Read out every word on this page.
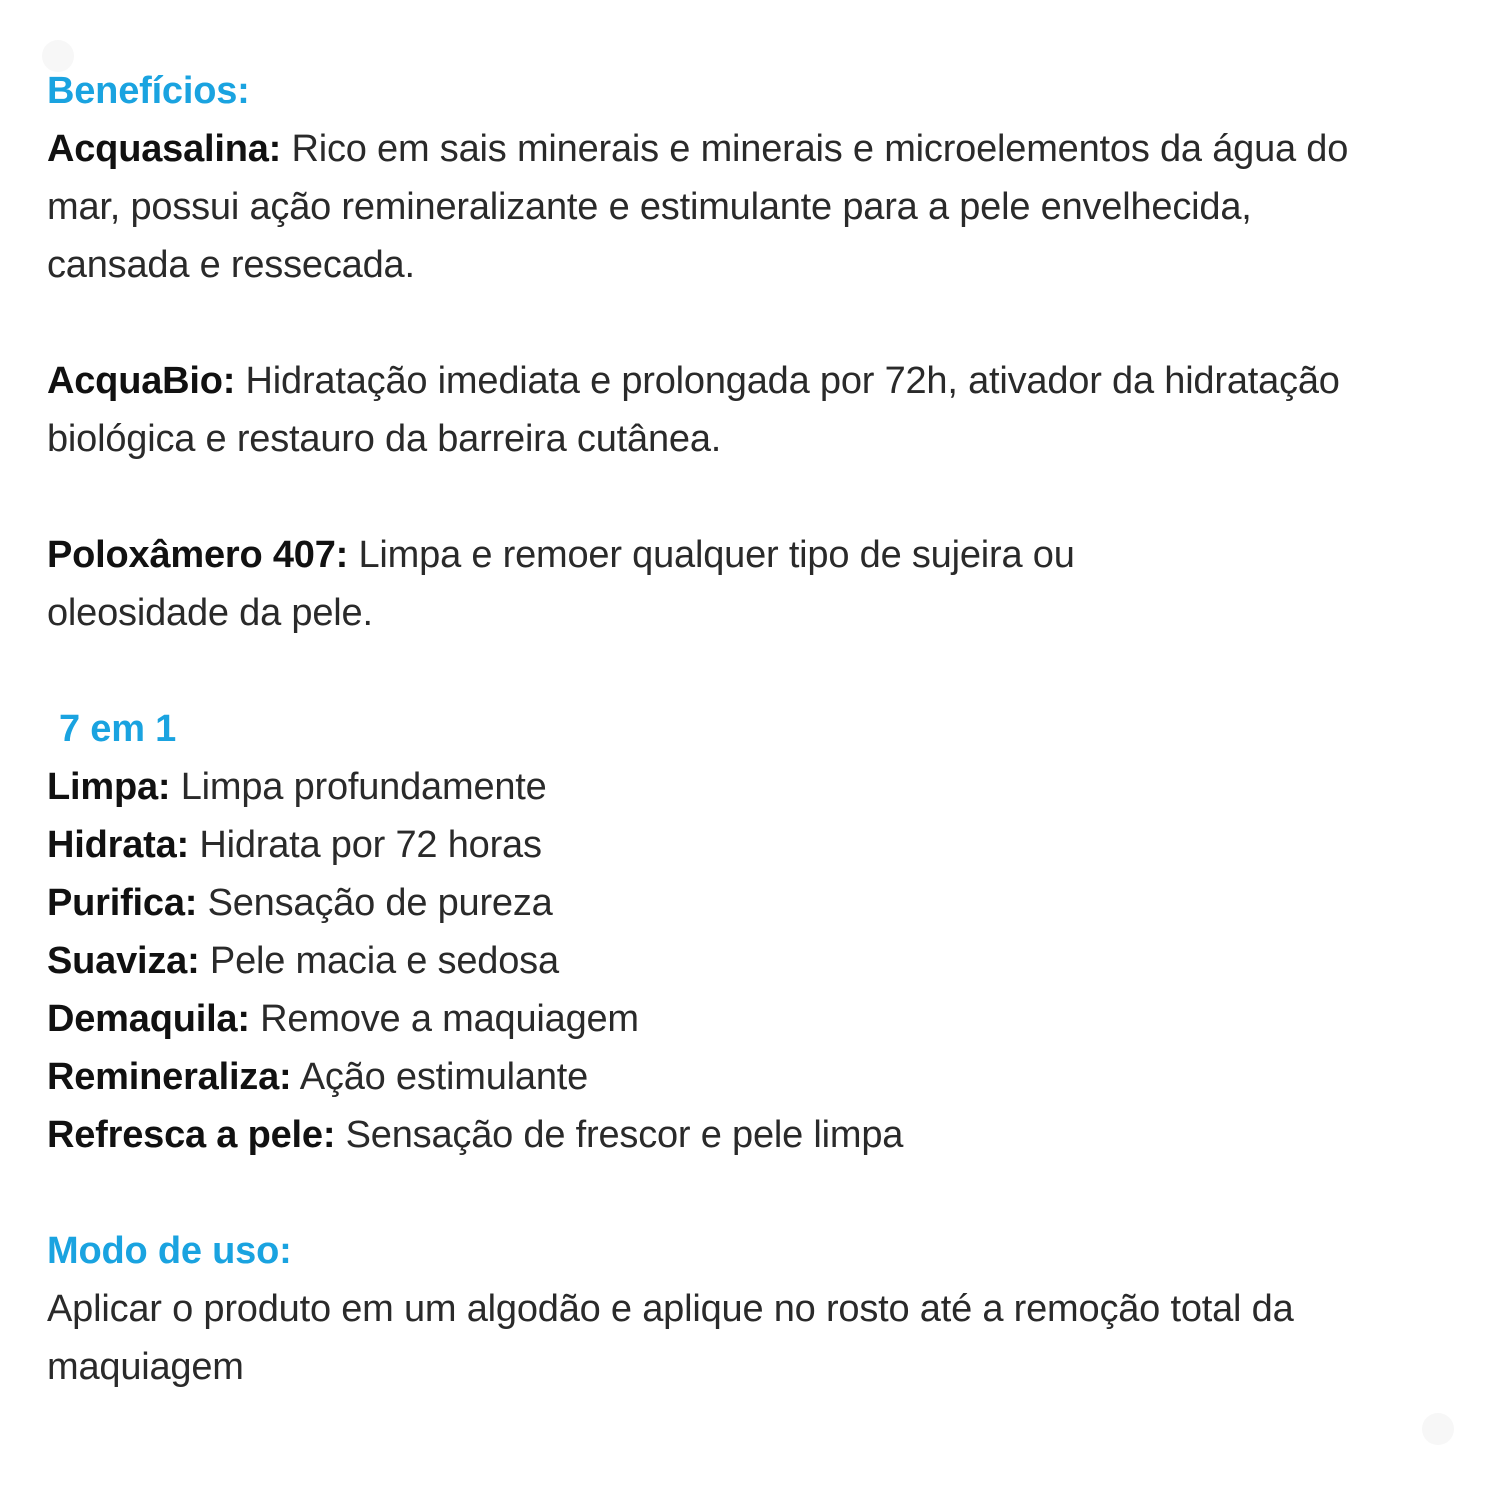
Benefícios:

Acquasalina: Rico em sais minerais e minerais e microelementos da água do mar, possui ação remineralizante e estimulante para a pele envelhecida, cansada e ressecada.

AcquaBio: Hidratação imediata e prolongada por 72h, ativador da hidratação biológica e restauro da barreira cutânea.

Poloxâmero 407: Limpa e remoer qualquer tipo de sujeira ou oleosidade da pele.

7 em 1

Limpa: Limpa profundamente

Hidrata: Hidrata por 72 horas

Purifica: Sensação de pureza

Suaviza: Pele macia e sedosa

Demaquila: Remove a maquiagem

Remineraliza: Ação estimulante

Refresca a pele: Sensação de frescor e pele limpa

Modo de uso:

Aplicar o produto em um algodão e aplique no rosto até a remoção total da maquiagem
